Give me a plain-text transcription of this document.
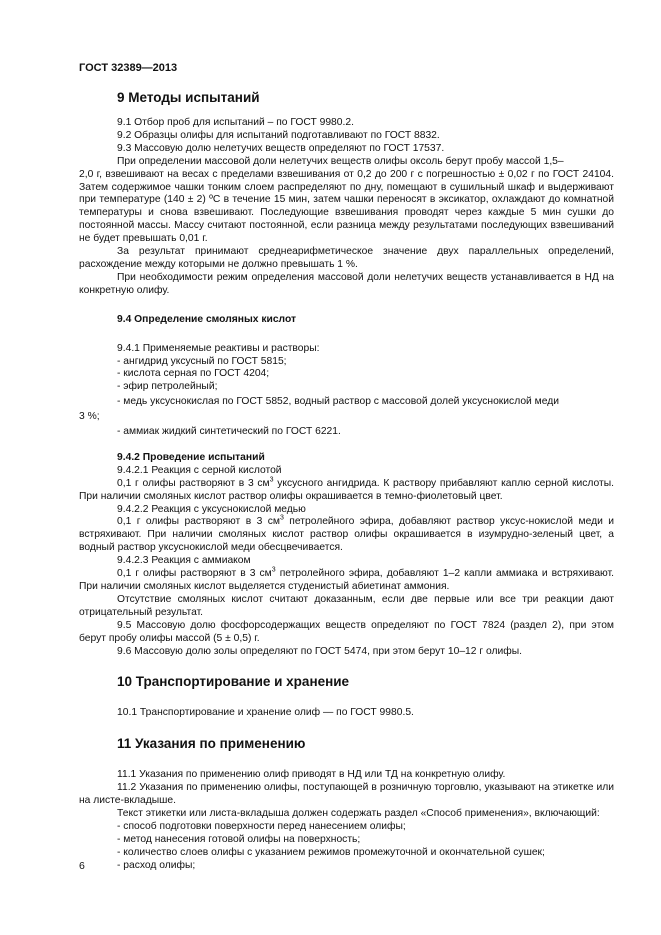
ГОСТ 32389—2013
9 Методы испытаний

9.1 Отбор проб для испытаний – по ГОСТ 9980.2.

9.2 Образцы олифы для испытаний подготавливают по ГОСТ 8832.

9.3 Массовую долю нелетучих веществ определяют по ГОСТ 17537.

При определении массовой доли нелетучих веществ олифы оксоль берут пробу массой 1,5–

2,0 г, взвешивают на весах с пределами взвешивания от 0,2 до 200 г с погрешностью ± 0,02 г по ГОСТ 24104. Затем содержимое чашки тонким слоем распределяют по дну, помещают в сушильный шкаф и выдерживают при температуре (140 ± 2) ºС в течение 15 мин, затем чашки переносят в эксикатор, охлаждают до комнатной температуры и снова взвешивают. Последующие взвешивания проводят через каждые 5 мин сушки до постоянной массы. Массу считают постоянной, если разница между результатами последующих взвешиваний не будет превышать 0,01 г.

За результат принимают среднеарифметическое значение двух параллельных определений, расхождение между которыми не должно превышать 1 %.

При необходимости режим определения массовой доли нелетучих веществ устанавливается в НД на конкретную олифу.

9.4 Определение смоляных кислот

9.4.1 Применяемые реактивы и растворы:

- ангидрид уксусный по ГОСТ 5815;

- кислота серная по ГОСТ 4204;

- эфир петролейный;

- медь уксуснокислая по ГОСТ 5852, водный раствор с массовой долей уксуснокислой меди

3 %;

- аммиак жидкий синтетический по ГОСТ 6221.

9.4.2 Проведение испытаний

9.4.2.1 Реакция с серной кислотой

0,1 г олифы растворяют в 3 $см^3$ уксусного ангидрида. К раствору прибавляют каплю серной кислоты. При наличии смоляных кислот раствор олифы окрашивается в темно-фиолетовый цвет.

9.4.2.2 Реакция с уксуснокислой медью

0,1 г олифы растворяют в 3 $см^3$ петролейного эфира, добавляют раствор уксус-нокислой меди и встряхивают. При наличии смоляных кислот раствор олифы окрашивается в изумрудно-зеленый цвет, а водный раствор уксуснокислой меди обесцвечивается.

9.4.2.3 Реакция с аммиаком

0,1 г олифы растворяют в 3 $см^3$ петролейного эфира, добавляют 1–2 капли аммиака и встряхивают. При наличии смоляных кислот выделяется студенистый абиетинат аммония.

Отсутствие смоляных кислот считают доказанным, если две первые или все три реакции дают отрицательный результат.

9.5 Массовую долю фосфорсодержащих веществ определяют по ГОСТ 7824 (раздел 2), при этом берут пробу олифы массой (5 ± 0,5) г.

9.6 Массовую долю золы определяют по ГОСТ 5474, при этом берут 10–12 г олифы.

10 Транспортирование и хранение

10.1 Транспортирование и хранение олиф — по ГОСТ 9980.5.

11 Указания по применению

11.1 Указания по применению олиф приводят в НД или ТД на конкретную олифу.

11.2 Указания по применению олифы, поступающей в розничную торговлю, указывают на этикетке или на листе-вкладыше.

Текст этикетки или листа-вкладыша должен содержать раздел «Способ применения», включающий:

- способ подготовки поверхности перед нанесением олифы;

- метод нанесения готовой олифы на поверхность;

- количество слоев олифы с указанием режимов промежуточной и окончательной сушек;

- расход олифы;

6
